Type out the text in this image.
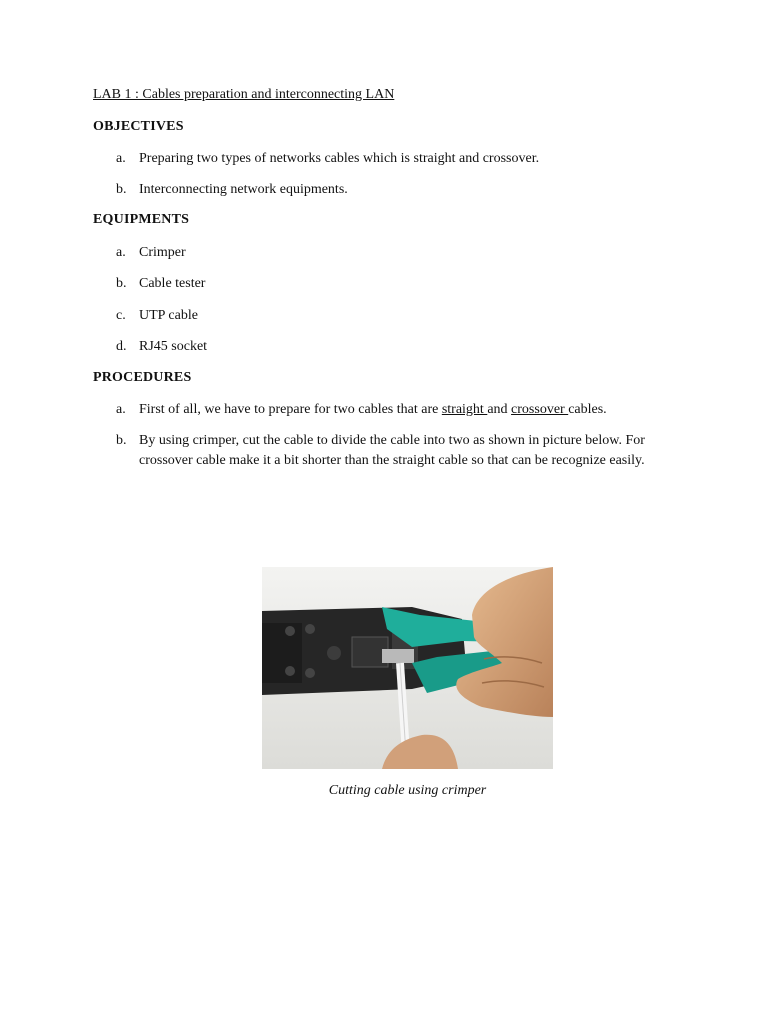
LAB 1 : Cables preparation and interconnecting LAN
OBJECTIVES
a. Preparing two types of networks cables which is straight and crossover.
b. Interconnecting network equipments.
EQUIPMENTS
a. Crimper
b. Cable tester
c. UTP cable
d. RJ45 socket
PROCEDURES
a. First of all, we have to prepare for two cables that are straight and crossover cables.
b. By using crimper, cut the cable to divide the cable into two as shown in picture below. For crossover cable make it a bit shorter than the straight cable so that can be recognize easily.
Cutting cable using crimper
